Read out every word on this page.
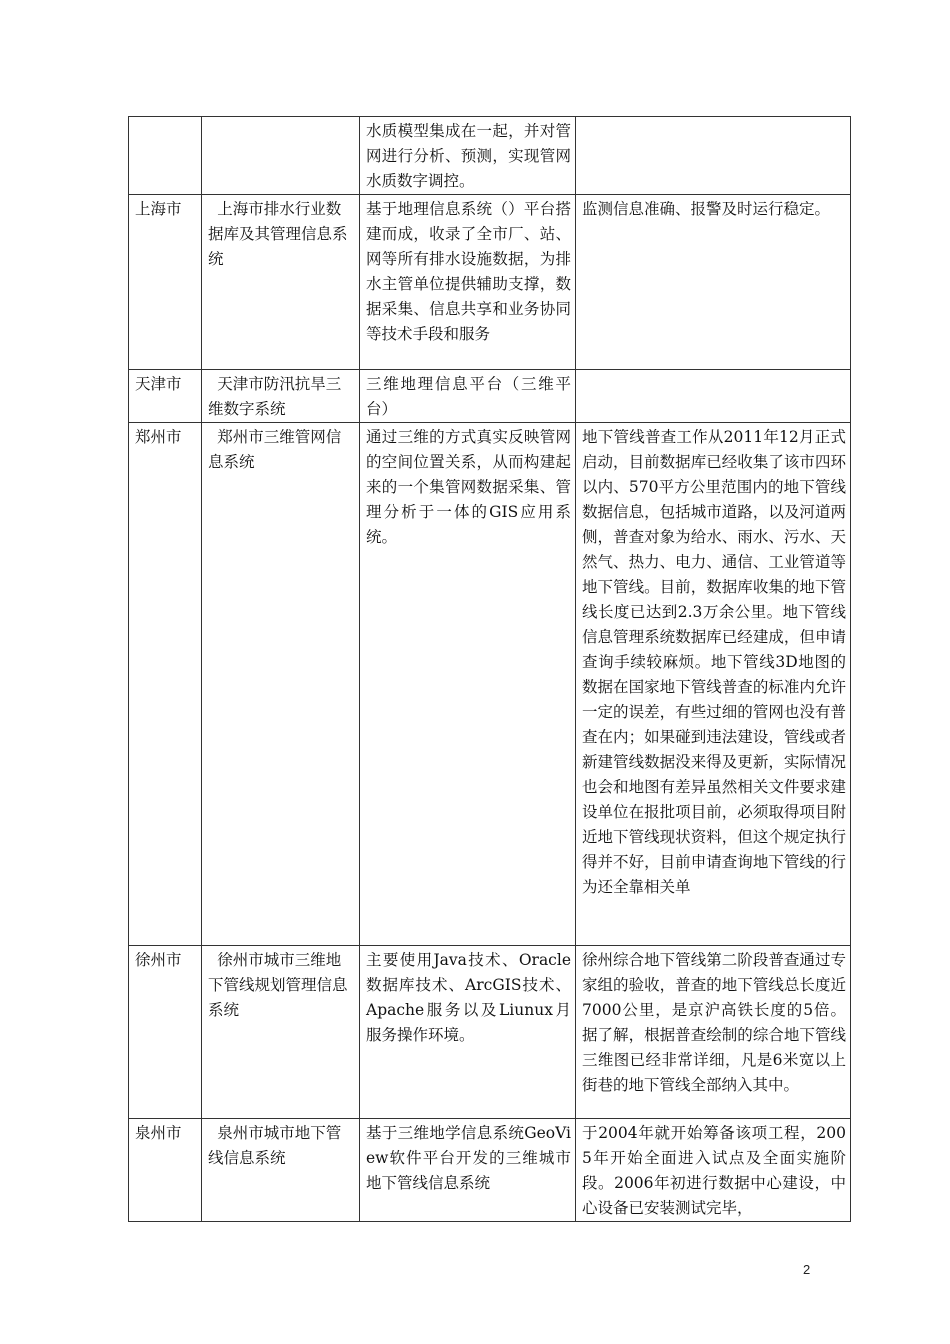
		水质模型集成在一起，并对管网进行分析、预测，实现管网水质数字调控。	
上海市	上海市排水行业数据库及其管理信息系统	基于地理信息系统（）平台搭建而成，收录了全市厂、站、网等所有排水设施数据，为排水主管单位提供辅助支撑，数据采集、信息共享和业务协同等技术手段和服务	监测信息准确、报警及时运行稳定。
天津市	天津市防汛抗旱三维数字系统	三维地理信息平台（三维平台）	
郑州市	郑州市三维管网信息系统	通过三维的方式真实反映管网的空间位置关系，从而构建起来的一个集管网数据采集、管理分析于一体的GIS应用系统。	地下管线普查工作从2011年12月正式启动，目前数据库已经收集了该市四环以内、570平方公里范围内的地下管线数据信息，包括城市道路，以及河道两侧，普查对象为给水、雨水、污水、天然气、热力、电力、通信、工业管道等地下管线。目前，数据库收集的地下管线长度已达到2.3万余公里。地下管线信息管理系统数据库已经建成，但申请查询手续较麻烦。地下管线3D地图的数据在国家地下管线普查的标准内允许一定的误差，有些过细的管网也没有普查在内；如果碰到违法建设，管线或者新建管线数据没来得及更新，实际情况也会和地图有差异虽然相关文件要求建设单位在报批项目前，必须取得项目附近地下管线现状资料，但这个规定执行得并不好，目前申请查询地下管线的行为还全靠相关单

徐州市	徐州市城市三维地下管线规划管理信息系统	主要使用Java技术、Oracle数据库技术、ArcGIS技术、Apache服务以及Liunux月服务操作环境。	徐州综合地下管线第二阶段普查通过专家组的验收，普查的地下管线总长度近7000公里，是京沪高铁长度的5倍。据了解，根据普查绘制的综合地下管线三维图已经非常详细，凡是6米宽以上街巷的地下管线全部纳入其中。
泉州市	泉州市城市地下管线信息系统	基于三维地学信息系统GeoView软件平台开发的三维城市地下管线信息系统	于2004年就开始筹备该项工程，2005年开始全面进入试点及全面实施阶段。2006年初进行数据中心建设，中心设备已安装测试完毕，
2
